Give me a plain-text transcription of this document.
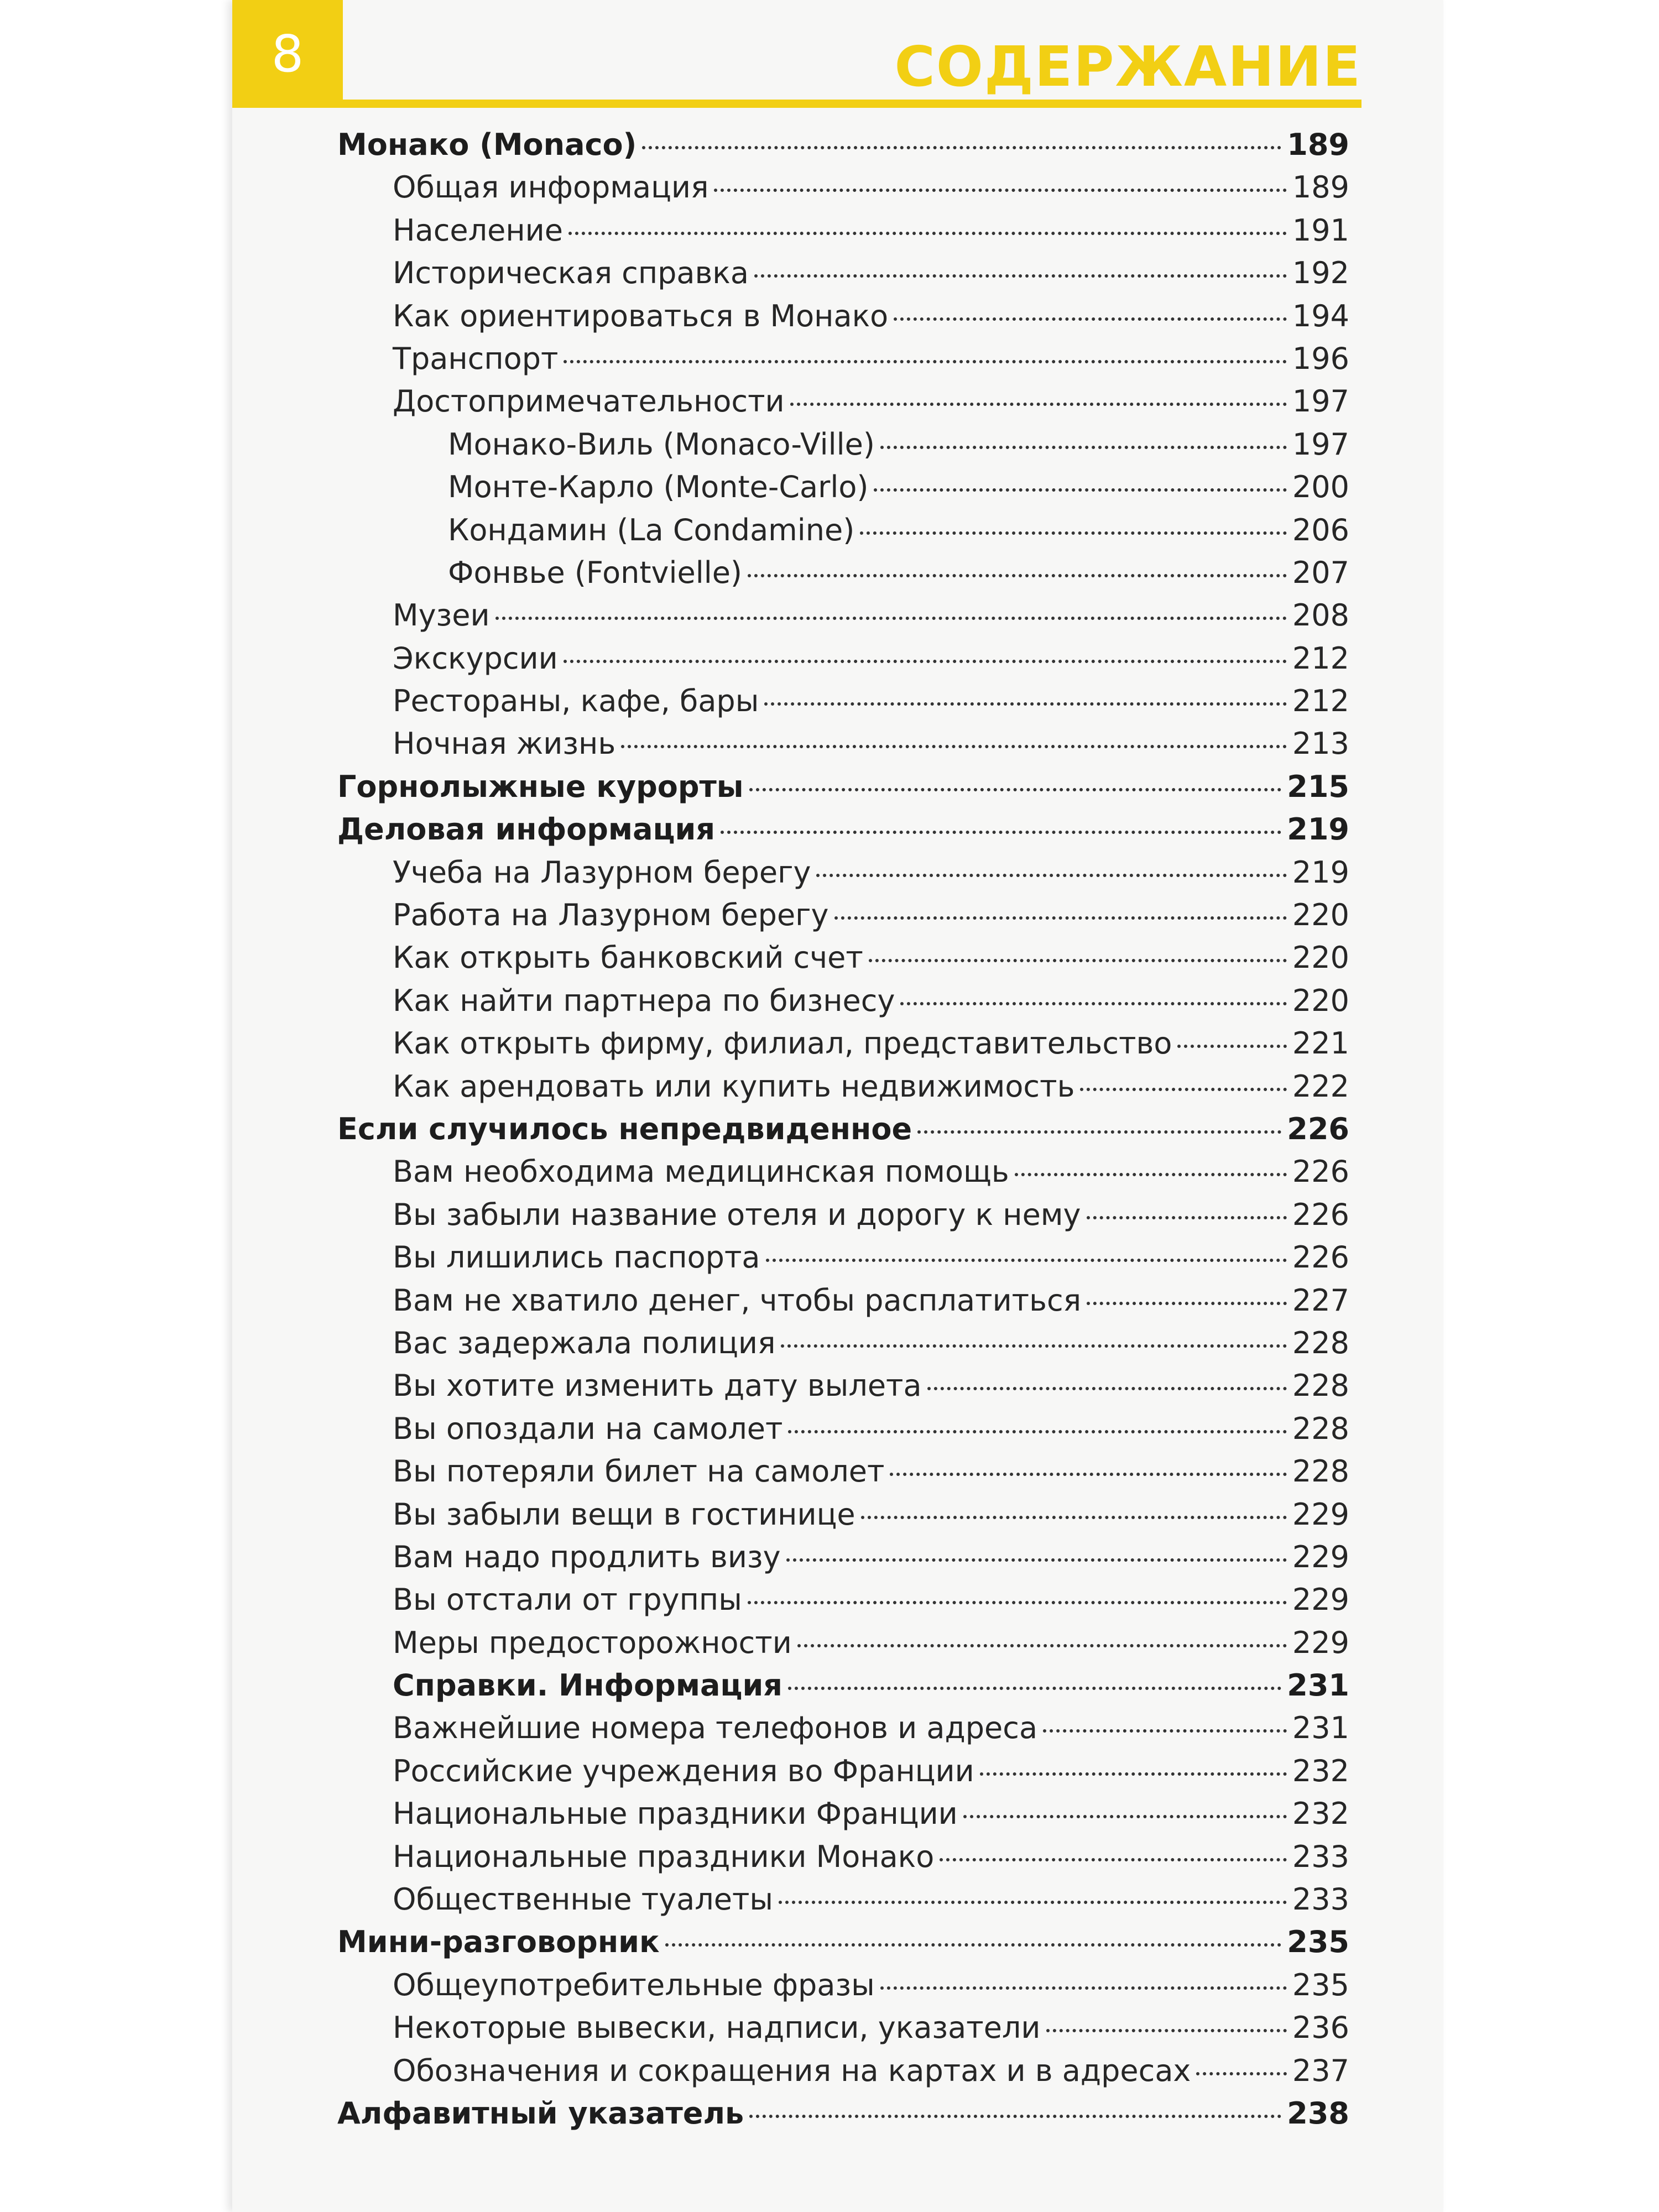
8	СОДЕРЖАНИЕ
Монако (Monaco)	189
Общая информация	189
Население	191
Историческая справка	192
Как ориентироваться в Монако	194
Транспорт	196
Достопримечательности	197
Монако-Виль (Monaco-Ville)	197
Монте-Карло (Monte-Carlo)	200
Кондамин (La Condamine)	206
Фонвье (Fontvielle)	207
Музеи	208
Экскурсии	212
Рестораны, кафе, бары	212
Ночная жизнь	213
Горнолыжные курорты	215
Деловая информация	219
Учеба на Лазурном берегу	219
Работа на Лазурном берегу	220
Как открыть банковский счет	220
Как найти партнера по бизнесу	220
Как открыть фирму, филиал, представительство	221
Как арендовать или купить недвижимость	222
Если случилось непредвиденное	226
Вам необходима медицинская помощь	226
Вы забыли название отеля и дорогу к нему	226
Вы лишились паспорта	226
Вам не хватило денег, чтобы расплатиться	227
Вас задержала полиция	228
Вы хотите изменить дату вылета	228
Вы опоздали на самолет	228
Вы потеряли билет на самолет	228
Вы забыли вещи в гостинице	229
Вам надо продлить визу	229
Вы отстали от группы	229
Меры предосторожности	229
Справки. Информация	231
Важнейшие номера телефонов и адреса	231
Российские учреждения во Франции	232
Национальные праздники Франции	232
Национальные праздники Монако	233
Общественные туалеты	233
Мини-разговорник	235
Общеупотребительные фразы	235
Некоторые вывески, надписи, указатели	236
Обозначения и сокращения на картах и в адресах	237
Алфавитный указатель	238
